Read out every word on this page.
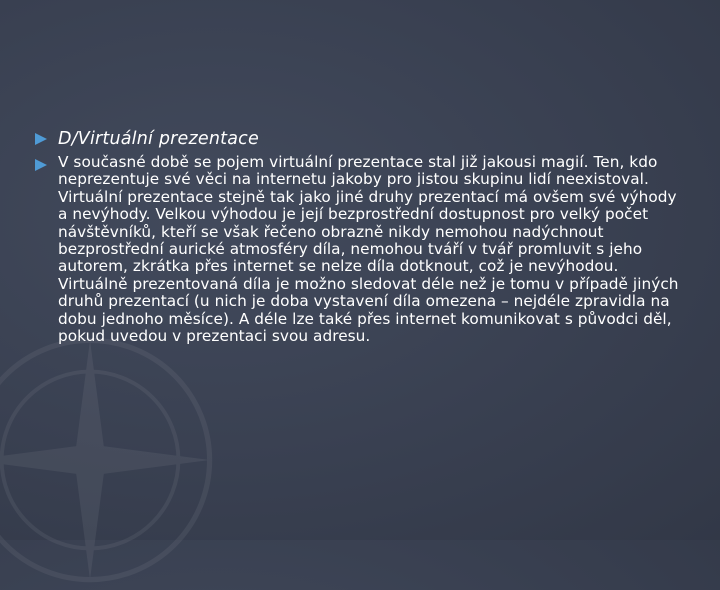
D/Virtuální prezentace
V současné době se pojem virtuální prezentace stal již jakousi magií. Ten, kdo neprezentuje své věci na internetu jakoby pro jistou skupinu lidí neexistoval. Virtuální prezentace stejně tak jako jiné druhy prezentací má ovšem své výhody a nevýhody. Velkou výhodou je její bezprostřední dostupnost pro velký počet návštěvníků, kteří se však řečeno obrazně nikdy nemohou nadýchnout bezprostřední aurické atmosféry díla, nemohou tváří v tvář promluvit s jeho autorem, zkrátka přes internet se nelze díla dotknout, což je nevýhodou. Virtuálně prezentovaná díla je možno sledovat déle než je tomu v případě jiných druhů prezentací (u nich je doba vystavení díla omezena – nejdéle zpravidla na dobu jednoho měsíce). A déle lze také přes internet komunikovat s původci děl, pokud uvedou v prezentaci svou adresu.
